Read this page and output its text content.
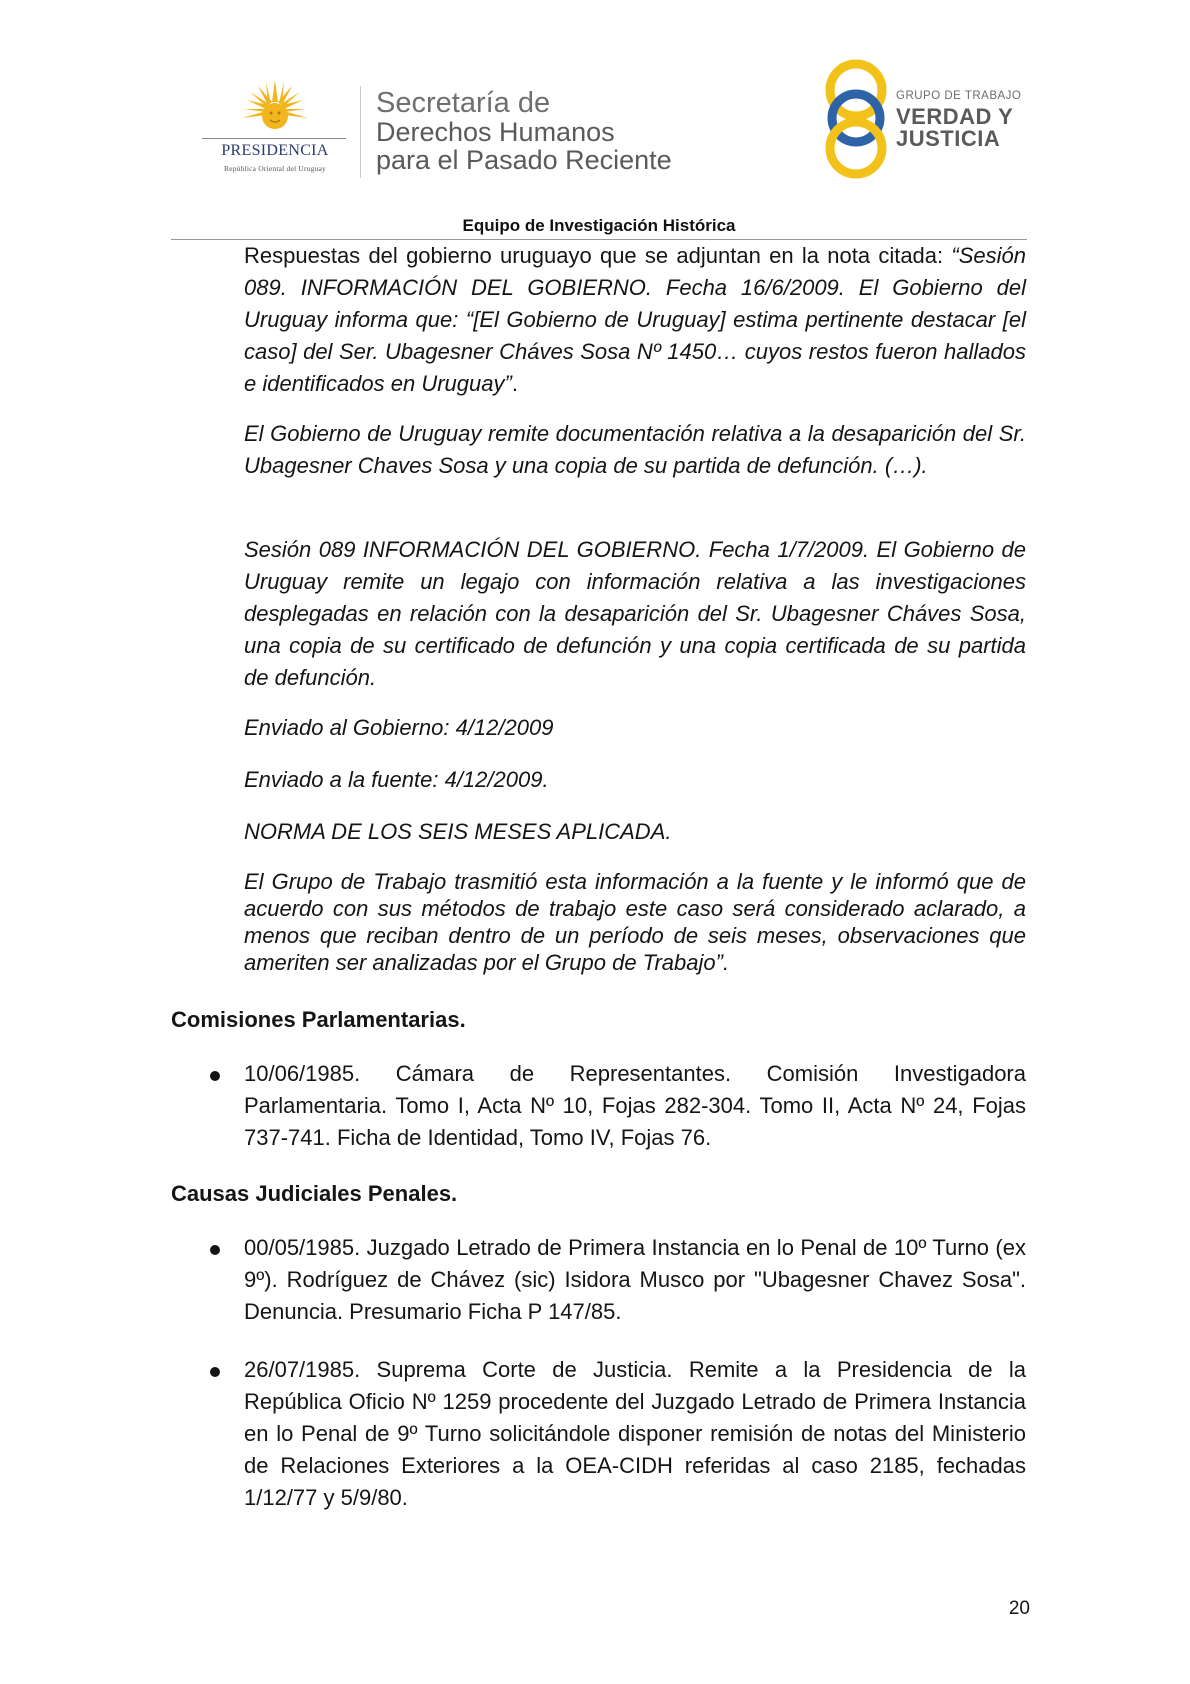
PRESIDENCIA
República Oriental del Uruguay
Secretaría de
Derechos Humanos
para el Pasado Reciente
GRUPO DE TRABAJO
VERDAD Y
JUSTICIA
Equipo de Investigación Histórica
Respuestas del gobierno uruguayo que se adjuntan en la nota citada: “Sesión 089. INFORMACIÓN DEL GOBIERNO. Fecha 16/6/2009. El Gobierno del Uruguay informa que: “[El Gobierno de Uruguay] estima pertinente destacar [el caso] del Ser. Ubagesner Cháves Sosa Nº 1450… cuyos restos fueron hallados e identificados en Uruguay”.
El Gobierno de Uruguay remite documentación relativa a la desaparición del Sr. Ubagesner Chaves Sosa y una copia de su partida de defunción. (…).
Sesión 089 INFORMACIÓN DEL GOBIERNO. Fecha 1/7/2009. El Gobierno de Uruguay remite un legajo con información relativa a las investigaciones desplegadas en relación con la desaparición del Sr. Ubagesner Cháves Sosa, una copia de su certificado de defunción y una copia certificada de su partida de defunción.
Enviado al Gobierno: 4/12/2009
Enviado a la fuente: 4/12/2009.
NORMA DE LOS SEIS MESES APLICADA.
El Grupo de Trabajo trasmitió esta información a la fuente y le informó que de acuerdo con sus métodos de trabajo este caso será considerado aclarado, a menos que reciban dentro de un período de seis meses, observaciones que ameriten ser analizadas por el Grupo de Trabajo”.
Comisiones Parlamentarias.
10/06/1985. Cámara de Representantes. Comisión Investigadora Parlamentaria. Tomo I, Acta Nº 10, Fojas 282-304. Tomo II, Acta Nº 24, Fojas 737-741. Ficha de Identidad, Tomo IV, Fojas 76.
Causas Judiciales Penales.
00/05/1985. Juzgado Letrado de Primera Instancia en lo Penal de 10º Turno (ex 9º). Rodríguez de Chávez (sic) Isidora Musco por "Ubagesner Chavez Sosa". Denuncia. Presumario Ficha P 147/85.
26/07/1985. Suprema Corte de Justicia. Remite a la Presidencia de la República Oficio Nº 1259 procedente del Juzgado Letrado de Primera Instancia en lo Penal de 9º Turno solicitándole disponer remisión de notas del Ministerio de Relaciones Exteriores a la OEA-CIDH referidas al caso 2185, fechadas 1/12/77 y 5/9/80.
20
